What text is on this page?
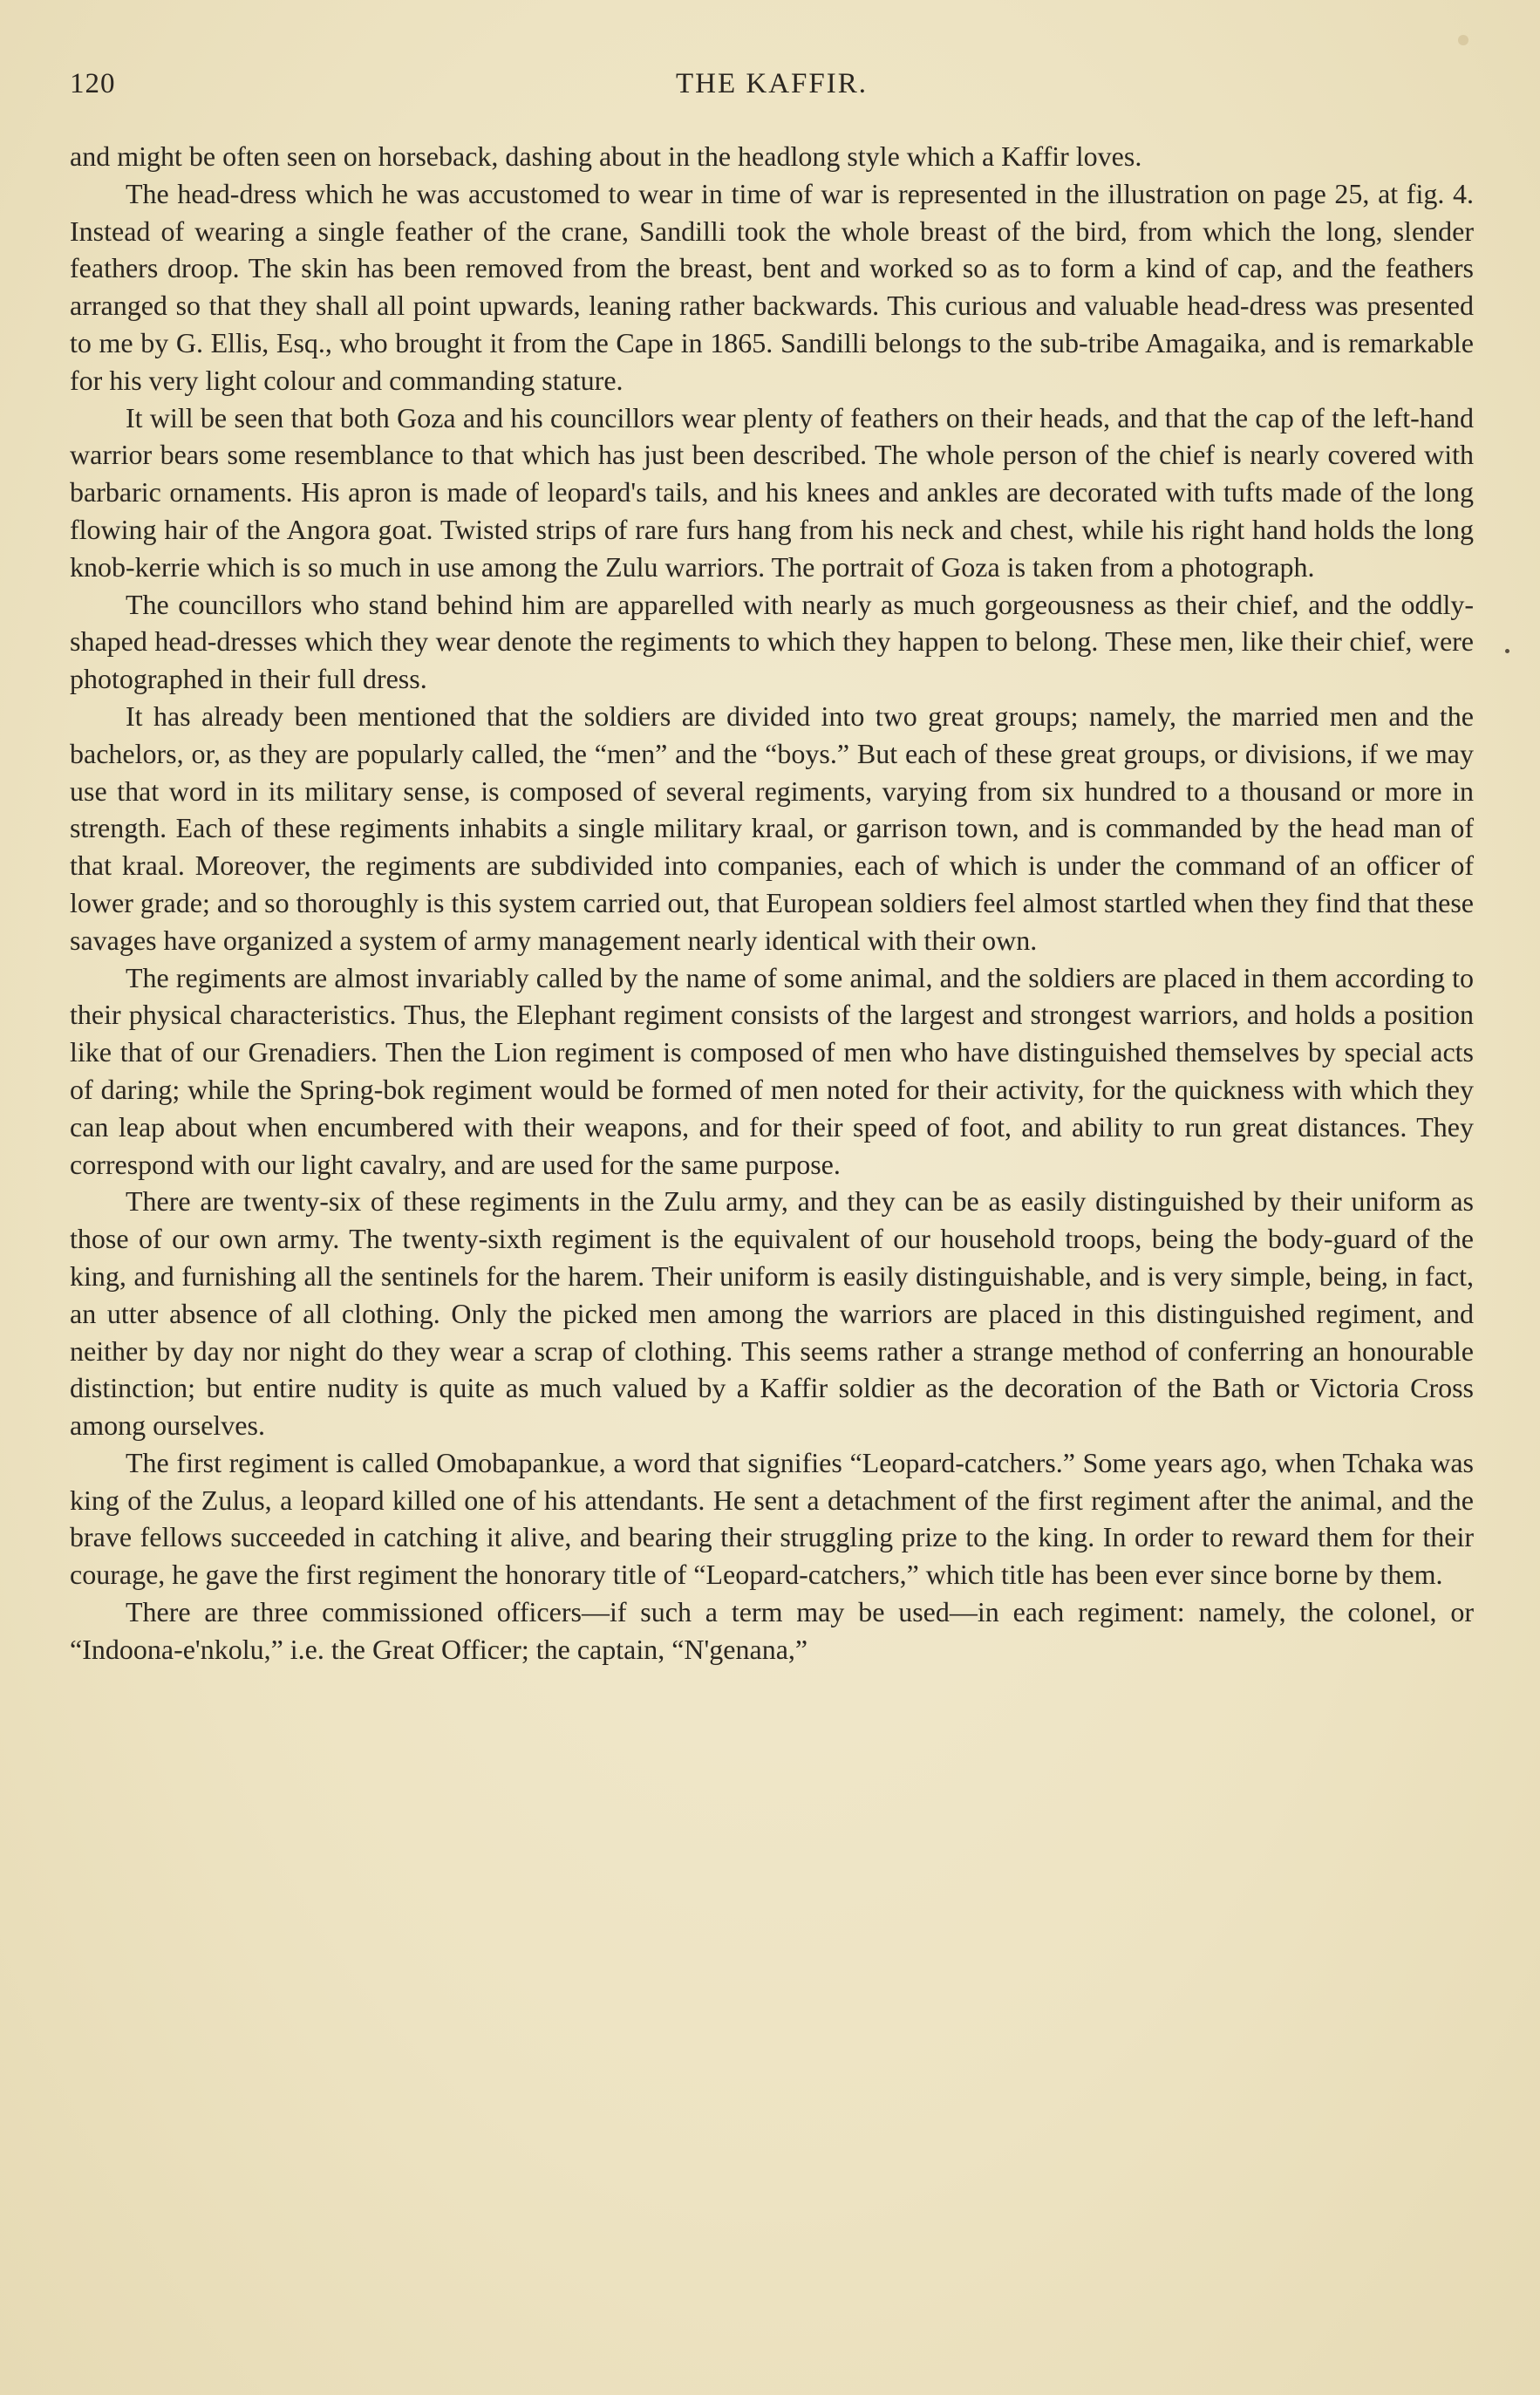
120	THE KAFFIR.

and might be often seen on horseback, dashing about in the headlong style which a Kaffir loves.

The head-dress which he was accustomed to wear in time of war is represented in the illustration on page 25, at fig. 4. Instead of wearing a single feather of the crane, Sandilli took the whole breast of the bird, from which the long, slender feathers droop. The skin has been removed from the breast, bent and worked so as to form a kind of cap, and the feathers arranged so that they shall all point upwards, leaning rather backwards. This curious and valuable head-dress was presented to me by G. Ellis, Esq., who brought it from the Cape in 1865. Sandilli belongs to the sub-tribe Amagaika, and is remarkable for his very light colour and commanding stature.

It will be seen that both Goza and his councillors wear plenty of feathers on their heads, and that the cap of the left-hand warrior bears some resemblance to that which has just been described. The whole person of the chief is nearly covered with barbaric ornaments. His apron is made of leopard's tails, and his knees and ankles are decorated with tufts made of the long flowing hair of the Angora goat. Twisted strips of rare furs hang from his neck and chest, while his right hand holds the long knob-kerrie which is so much in use among the Zulu warriors. The portrait of Goza is taken from a photograph.

The councillors who stand behind him are apparelled with nearly as much gorgeousness as their chief, and the oddly-shaped head-dresses which they wear denote the regiments to which they happen to belong. These men, like their chief, were photographed in their full dress.

It has already been mentioned that the soldiers are divided into two great groups; namely, the married men and the bachelors, or, as they are popularly called, the “men” and the “boys.” But each of these great groups, or divisions, if we may use that word in its military sense, is composed of several regiments, varying from six hundred to a thousand or more in strength. Each of these regiments inhabits a single military kraal, or garrison town, and is commanded by the head man of that kraal. Moreover, the regiments are subdivided into companies, each of which is under the command of an officer of lower grade; and so thoroughly is this system carried out, that European soldiers feel almost startled when they find that these savages have organized a system of army management nearly identical with their own.

The regiments are almost invariably called by the name of some animal, and the soldiers are placed in them according to their physical characteristics. Thus, the Elephant regiment consists of the largest and strongest warriors, and holds a position like that of our Grenadiers. Then the Lion regiment is composed of men who have distinguished themselves by special acts of daring; while the Spring-bok regiment would be formed of men noted for their activity, for the quickness with which they can leap about when encumbered with their weapons, and for their speed of foot, and ability to run great distances. They correspond with our light cavalry, and are used for the same purpose.

There are twenty-six of these regiments in the Zulu army, and they can be as easily distinguished by their uniform as those of our own army. The twenty-sixth regiment is the equivalent of our household troops, being the body-guard of the king, and furnishing all the sentinels for the harem. Their uniform is easily distinguishable, and is very simple, being, in fact, an utter absence of all clothing. Only the picked men among the warriors are placed in this distinguished regiment, and neither by day nor night do they wear a scrap of clothing. This seems rather a strange method of conferring an honourable distinction; but entire nudity is quite as much valued by a Kaffir soldier as the decoration of the Bath or Victoria Cross among ourselves.

The first regiment is called Omobapankue, a word that signifies “Leopard-catchers.” Some years ago, when Tchaka was king of the Zulus, a leopard killed one of his attendants. He sent a detachment of the first regiment after the animal, and the brave fellows succeeded in catching it alive, and bearing their struggling prize to the king. In order to reward them for their courage, he gave the first regiment the honorary title of “Leopard-catchers,” which title has been ever since borne by them.

There are three commissioned officers—if such a term may be used—in each regiment: namely, the colonel, or “Indoona-e'nkolu,” i.e. the Great Officer; the captain, “N'genana,”
